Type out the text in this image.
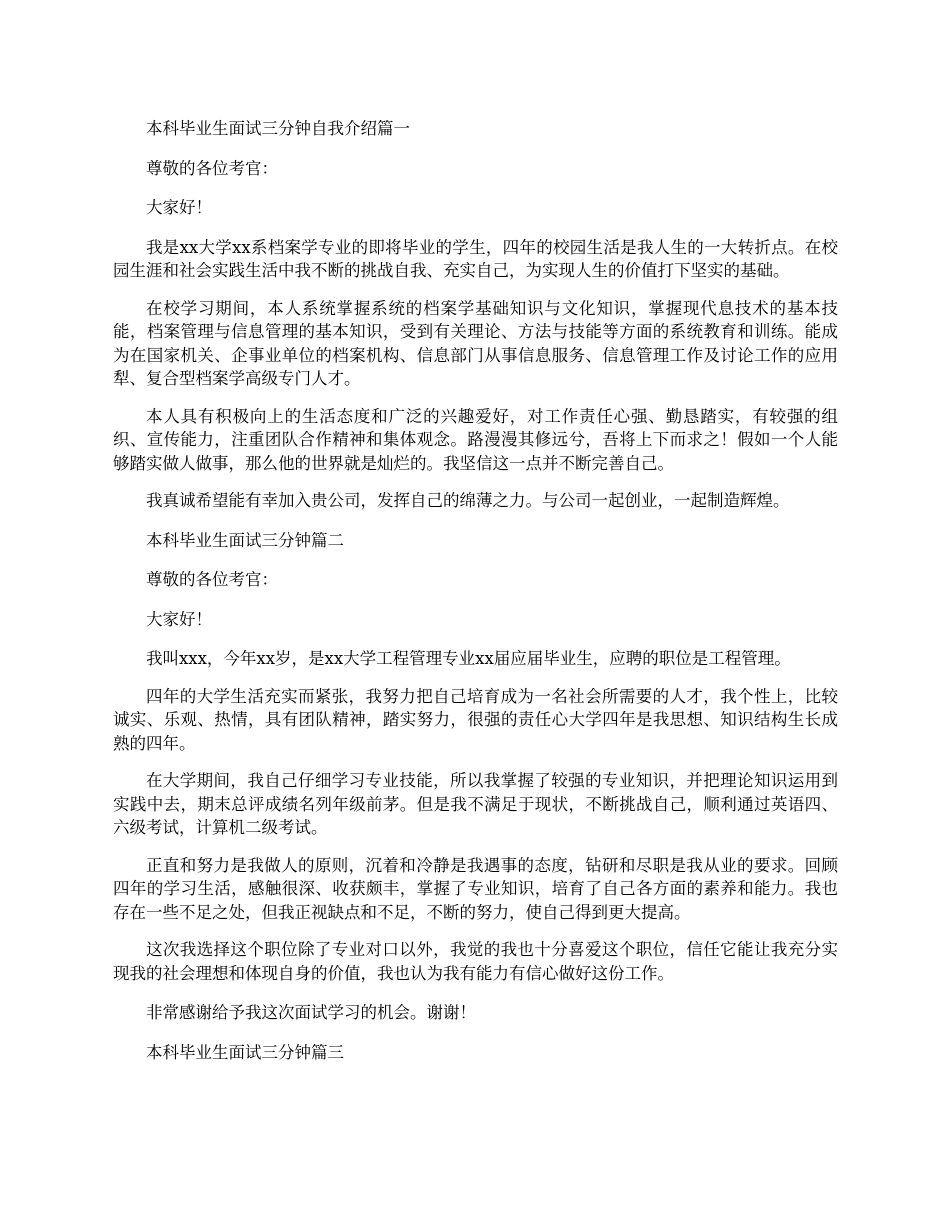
本科毕业生面试三分钟自我介绍篇一

尊敬的各位考官：

大家好！

我是xx大学xx系档案学专业的即将毕业的学生，四年的校园生活是我人生的一大转折点。在校园生涯和社会实践生活中我不断的挑战自我、充实自己，为实现人生的价值打下坚实的基础。

在校学习期间，本人系统掌握系统的档案学基础知识与文化知识，掌握现代息技术的基本技能，档案管理与信息管理的基本知识，受到有关理论、方法与技能等方面的系统教育和训练。能成为在国家机关、企事业单位的档案机构、信息部门从事信息服务、信息管理工作及讨论工作的应用犁、复合型档案学高级专门人才。

本人具有积极向上的生活态度和广泛的兴趣爱好，对工作责任心强、勤恳踏实，有较强的组织、宣传能力，注重团队合作精神和集体观念。路漫漫其修远兮，吾将上下而求之！假如一个人能够踏实做人做事，那么他的世界就是灿烂的。我坚信这一点并不断完善自己。

我真诚希望能有幸加入贵公司，发挥自己的绵薄之力。与公司一起创业，一起制造辉煌。

本科毕业生面试三分钟篇二

尊敬的各位考官：

大家好！

我叫xxx，今年xx岁，是xx大学工程管理专业xx届应届毕业生，应聘的职位是工程管理。

四年的大学生活充实而紧张，我努力把自己培育成为一名社会所需要的人才，我个性上，比较诚实、乐观、热情，具有团队精神，踏实努力，很强的责任心大学四年是我思想、知识结构生长成熟的四年。

在大学期间，我自己仔细学习专业技能，所以我掌握了较强的专业知识，并把理论知识运用到实践中去，期末总评成绩名列年级前茅。但是我不满足于现状，不断挑战自己，顺利通过英语四、六级考试，计算机二级考试。

正直和努力是我做人的原则，沉着和冷静是我遇事的态度，钻研和尽职是我从业的要求。回顾四年的学习生活，感触很深、收获颇丰，掌握了专业知识，培育了自己各方面的素养和能力。我也存在一些不足之处，但我正视缺点和不足，不断的努力，使自己得到更大提高。

这次我选择这个职位除了专业对口以外，我觉的我也十分喜爱这个职位，信任它能让我充分实现我的社会理想和体现自身的价值，我也认为我有能力有信心做好这份工作。

非常感谢给予我这次面试学习的机会。谢谢！

本科毕业生面试三分钟篇三
